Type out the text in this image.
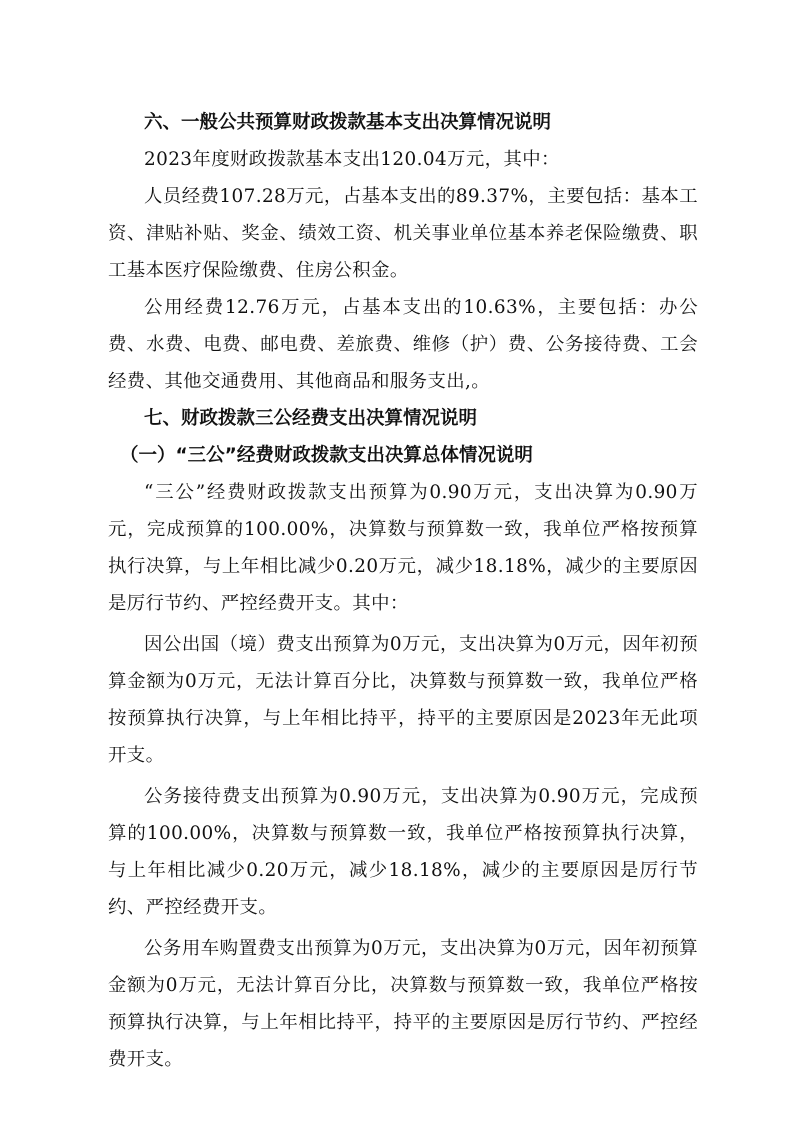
六、一般公共预算财政拨款基本支出决算情况说明

2023年度财政拨款基本支出120.04万元，其中：

人员经费107.28万元，占基本支出的89.37%，主要包括：基本工资、津贴补贴、奖金、绩效工资、机关事业单位基本养老保险缴费、职工基本医疗保险缴费、住房公积金。

公用经费12.76万元，占基本支出的10.63%，主要包括：办公费、水费、电费、邮电费、差旅费、维修（护）费、公务接待费、工会经费、其他交通费用、其他商品和服务支出,。

七、财政拨款三公经费支出决算情况说明

（一）“三公”经费财政拨款支出决算总体情况说明

“三公”经费财政拨款支出预算为0.90万元，支出决算为0.90万元，完成预算的100.00%，决算数与预算数一致，我单位严格按预算执行决算，与上年相比减少0.20万元，减少18.18%，减少的主要原因是厉行节约、严控经费开支。其中：

因公出国（境）费支出预算为0万元，支出决算为0万元，因年初预算金额为0万元，无法计算百分比，决算数与预算数一致，我单位严格按预算执行决算，与上年相比持平，持平的主要原因是2023年无此项开支。

公务接待费支出预算为0.90万元，支出决算为0.90万元，完成预算的100.00%，决算数与预算数一致，我单位严格按预算执行决算，与上年相比减少0.20万元，减少18.18%，减少的主要原因是厉行节约、严控经费开支。

公务用车购置费支出预算为0万元，支出决算为0万元，因年初预算金额为0万元，无法计算百分比，决算数与预算数一致，我单位严格按预算执行决算，与上年相比持平，持平的主要原因是厉行节约、严控经费开支。
